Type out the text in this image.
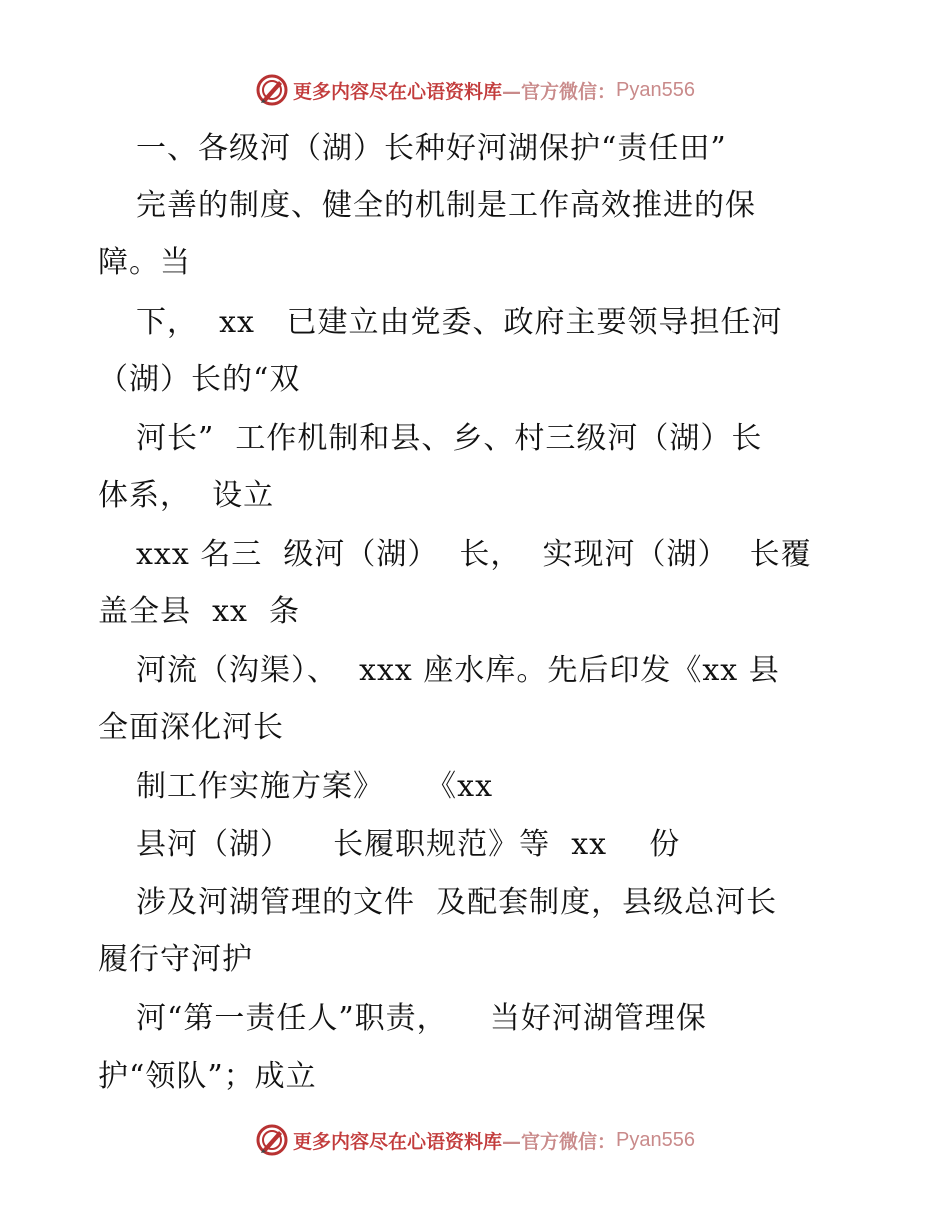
更多内容尽在心语资料库 —官方微信： Pyan556
一、各级河（湖）长种好河湖保护“责任田”
完善的制度、健全的机制是工作高效推进的保
障。当
下，  xx   已建立由党委、政府主要领导担任河
（湖）长的“双
河长”  工作机制和县、乡、村三级河（湖）长
体系，  设立
xxx 名三  级河（湖）  长，  实现河（湖）  长覆
盖全县  xx  条
河流（沟渠）、  xxx 座水库。先后印发《xx 县
全面深化河长
制工作实施方案》    《xx
县河（湖）    长履职规范》等  xx    份
涉及河湖管理的文件  及配套制度，县级总河长
履行守河护
河“第一责任人”职责，    当好河湖管理保
护“领队”；成立
更多内容尽在心语资料库 —官方微信： Pyan556
